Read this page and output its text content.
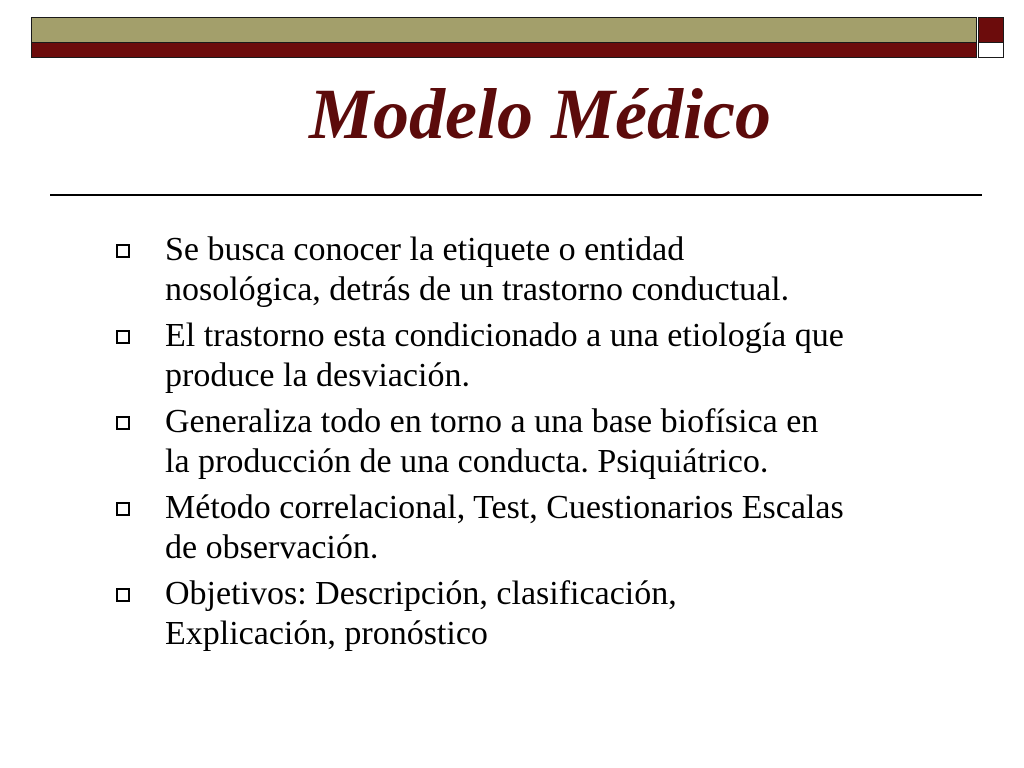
Modelo Médico
Se busca conocer la etiquete o entidad
nosológica, detrás de un trastorno conductual.
El trastorno esta condicionado a una etiología que
produce la desviación.
Generaliza todo en torno a una base biofísica en
la producción de una conducta. Psiquiátrico.
Método correlacional, Test, Cuestionarios Escalas
de observación.
Objetivos: Descripción, clasificación,
Explicación, pronóstico
